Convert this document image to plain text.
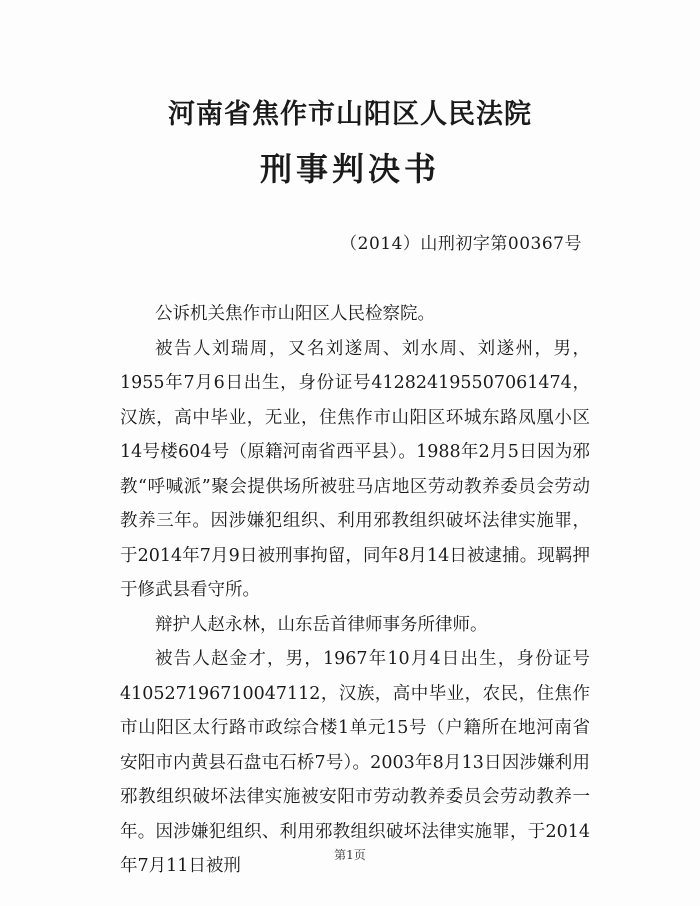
河南省焦作市山阳区人民法院
刑事判决书
（2014）山刑初字第00367号

公诉机关焦作市山阳区人民检察院。

被告人刘瑞周，又名刘遂周、刘水周、刘遂州，男，1955年7月6日出生，身份证号412824195507061474，汉族，高中毕业，无业，住焦作市山阳区环城东路凤凰小区14号楼604号（原籍河南省西平县）。1988年2月5日因为邪教“呼喊派”聚会提供场所被驻马店地区劳动教养委员会劳动教养三年。因涉嫌犯组织、利用邪教组织破坏法律实施罪，于2014年7月9日被刑事拘留，同年8月14日被逮捕。现羁押于修武县看守所。

辩护人赵永林，山东岳首律师事务所律师。

被告人赵金才，男，1967年10月4日出生，身份证号410527196710047112，汉族，高中毕业，农民，住焦作市山阳区太行路市政综合楼1单元15号（户籍所在地河南省安阳市内黄县石盘屯石桥7号）。2003年8月13日因涉嫌利用邪教组织破坏法律实施被安阳市劳动教养委员会劳动教养一年。因涉嫌犯组织、利用邪教组织破坏法律实施罪，于2014年7月11日被刑

第1页
